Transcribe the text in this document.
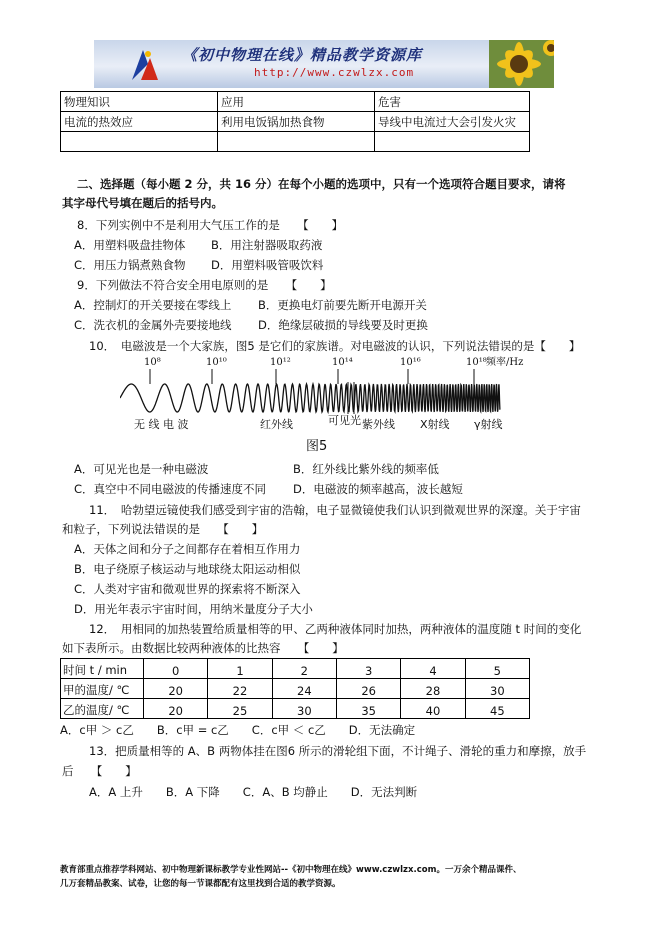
《初中物理在线》精品教学资源库
http://www.czwlzx.com
物理知识	应用	危害
电流的热效应	利用电饭锅加热食物	导线中电流过大会引发火灾

二、选择题（每小题 2 分，共 16 分）在每个小题的选项中，只有一个选项符合题目要求，请将
其字母代号填在题后的括号内。
8．下列实例中不是利用大气压工作的是　　【　　】
A．用塑料吸盘挂物体 B．用注射器吸取药液
C．用压力锅煮熟食物 D．用塑料吸管吸饮料
9．下列做法不符合安全用电原则的是　　【　　】
A．控制灯的开关要接在零线上 B．更换电灯前要先断开电源开关
C．洗衣机的金属外壳要接地线 D．绝缘层破损的导线要及时更换
10．　电磁波是一个大家族，图5 是它们的家族谱。对电磁波的认识，下列说法错误的是【　　】
10⁸	10¹⁰	10¹²	10¹⁴	10¹⁶	10¹⁸ 频率/Hz
无 线 电 波	红外线	可见光 紫外线 X射线 γ射线
图5
A．可见光也是一种电磁波	B．红外线比紫外线的频率低
C．真空中不同电磁波的传播速度不同 D．电磁波的频率越高，波长越短
11．　哈勃望远镜使我们感受到宇宙的浩翰，电子显微镜使我们认识到微观世界的深邃。关于宇宙
和粒子，下列说法错误的是　　【　　】
A．天体之间和分子之间都存在着相互作用力
B．电子绕原子核运动与地球绕太阳运动相似
C．人类对宇宙和微观世界的探索将不断深入
D．用光年表示宇宙时间，用纳米量度分子大小
12．　用相同的加热装置给质量相等的甲、乙两种液体同时加热，两种液体的温度随 t 时间的变化
如下表所示。由数据比较两种液体的比热容　　【　　】
时间 t / min	0	1	2	3	4	5
甲的温度/ ℃	20	22	24	26	28	30
乙的温度/ ℃	20	25	30	35	40	45
A．c甲 ＞ c乙　　B．c甲 = c乙　　C．c甲 ＜ c乙　　D．无法确定
13．把质量相等的 A、B 两物体挂在图6 所示的滑轮组下面，不计绳子、滑轮的重力和摩擦，放手
后　　【　　】
A．A 上升　　B．A 下降　　C．A、B 均静止　　D．无法判断
教育部重点推荐学科网站、初中物理新课标教学专业性网站--《初中物理在线》www.czwlzx.com。一万余个精品课件、
几万套精品教案、试卷，让您的每一节课都配有这里找到合适的教学资源。
